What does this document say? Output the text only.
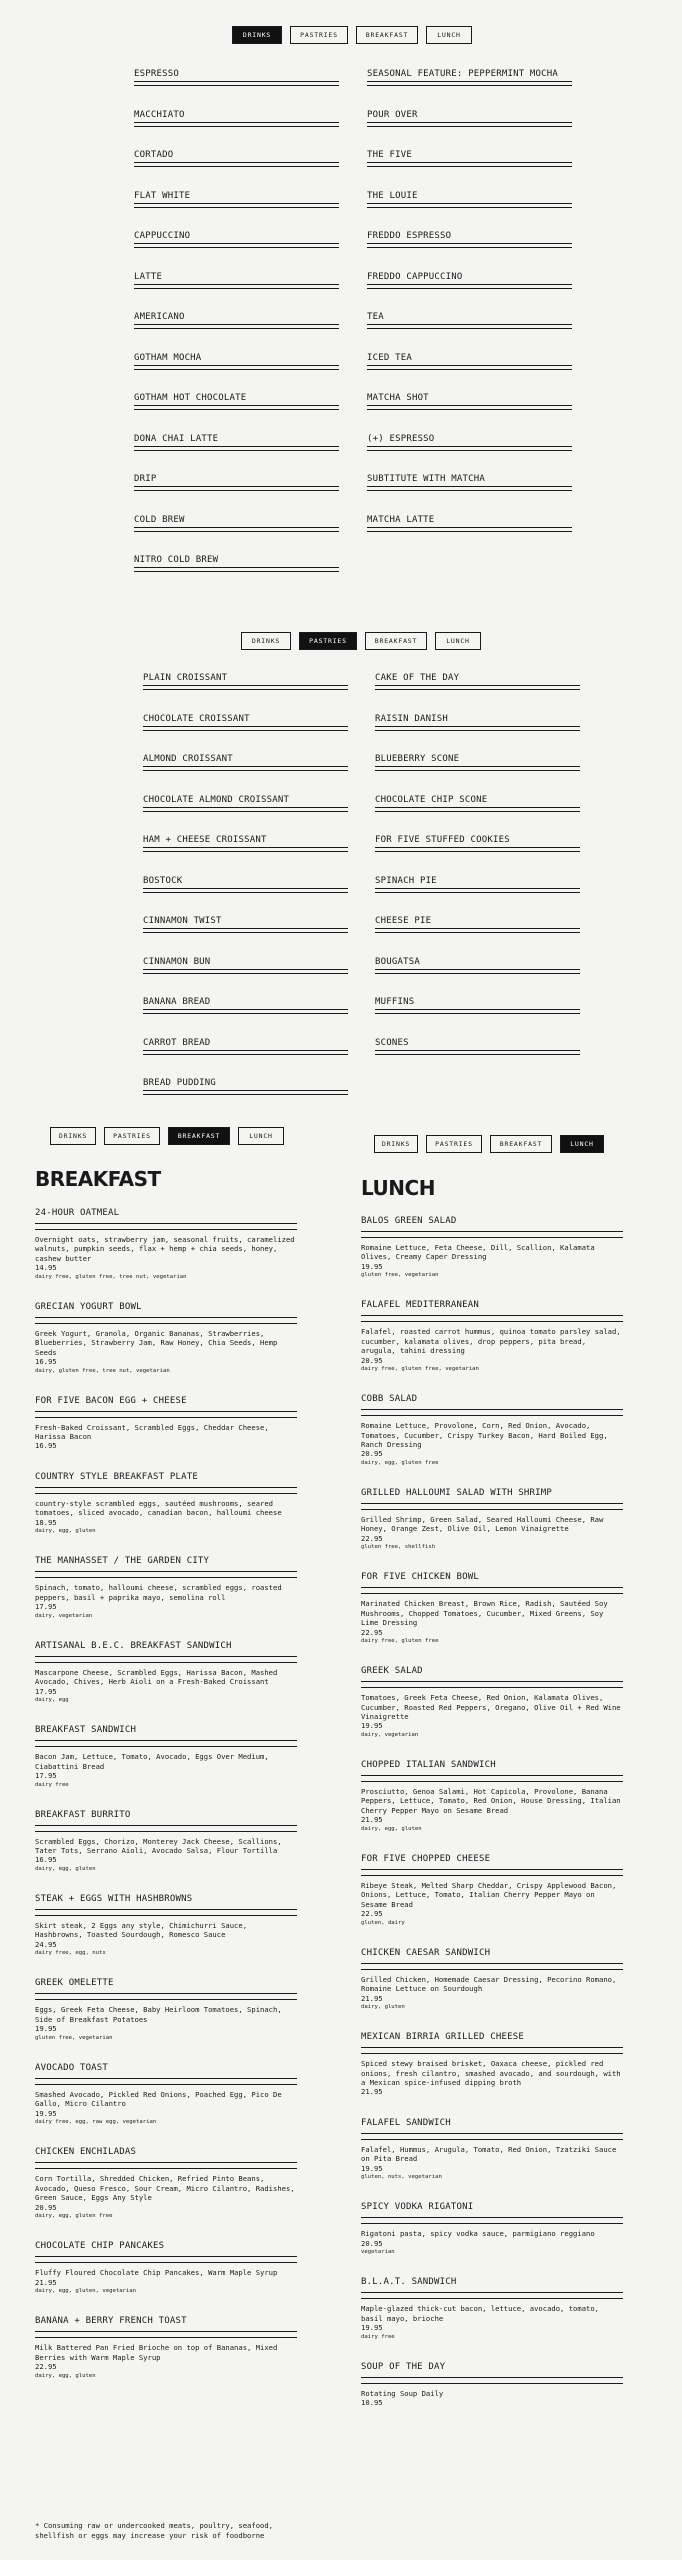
DRINKS	PASTRIES	BREAKFAST	LUNCH
ESPRESSO
MACCHIATO
CORTADO
FLAT WHITE
CAPPUCCINO
LATTE
AMERICANO
GOTHAM MOCHA
GOTHAM HOT CHOCOLATE
DONA CHAI LATTE
DRIP
COLD BREW
NITRO COLD BREW
SEASONAL FEATURE: PEPPERMINT MOCHA
POUR OVER
THE FIVE
THE LOUIE
FREDDO ESPRESSO
FREDDO CAPPUCCINO
TEA
ICED TEA
MATCHA SHOT
(+) ESPRESSO
SUBTITUTE WITH MATCHA
MATCHA LATTE
DRINKS	PASTRIES	BREAKFAST	LUNCH
PLAIN CROISSANT
CHOCOLATE CROISSANT
ALMOND CROISSANT
CHOCOLATE ALMOND CROISSANT
HAM + CHEESE CROISSANT
BOSTOCK
CINNAMON TWIST
CINNAMON BUN
BANANA BREAD
CARROT BREAD
BREAD PUDDING
CAKE OF THE DAY
RAISIN DANISH
BLUEBERRY SCONE
CHOCOLATE CHIP SCONE
FOR FIVE STUFFED COOKIES
SPINACH PIE
CHEESE PIE
BOUGATSA
MUFFINS
SCONES
DRINKS	PASTRIES	BREAKFAST	LUNCH
BREAKFAST
24-HOUR OATMEAL
Overnight oats, strawberry jam, seasonal fruits, caramelized walnuts, pumpkin seeds, flax + hemp + chia seeds, honey, cashew butter
14.95
dairy free, gluten free, tree nut, vegetarian
GRECIAN YOGURT BOWL
Greek Yogurt, Granola, Organic Bananas, Strawberries, Blueberries, Strawberry Jam, Raw Honey, Chia Seeds, Hemp Seeds
16.95
dairy, gluten free, tree nut, vegetarian
FOR FIVE BACON EGG + CHEESE
Fresh-Baked Croissant, Scrambled Eggs, Cheddar Cheese, Harissa Bacon
16.95
COUNTRY STYLE BREAKFAST PLATE
country-style scrambled eggs, sautéed mushrooms, seared tomatoes, sliced avocado, canadian bacon, halloumi cheese
18.95
dairy, egg, gluten
THE MANHASSET / THE GARDEN CITY
Spinach, tomato, halloumi cheese, scrambled eggs, roasted peppers, basil + paprika mayo, semolina roll
17.95
dairy, vegetarian
ARTISANAL B.E.C. BREAKFAST SANDWICH
Mascarpone Cheese, Scrambled Eggs, Harissa Bacon, Mashed Avocado, Chives, Herb Aioli on a Fresh-Baked Croissant
17.95
dairy, egg
BREAKFAST SANDWICH
Bacon Jam, Lettuce, Tomato, Avocado, Eggs Over Medium, Ciabattini Bread
17.95
dairy free
BREAKFAST BURRITO
Scrambled Eggs, Chorizo, Monterey Jack Cheese, Scallions, Tater Tots, Serrano Aioli, Avocado Salsa, Flour Tortilla
16.95
dairy, egg, gluten
STEAK + EGGS WITH HASHBROWNS
Skirt steak, 2 Eggs any style, Chimichurri Sauce, Hashbrowns, Toasted Sourdough, Romesco Sauce
24.95
dairy free, egg, nuts
GREEK OMELETTE
Eggs, Greek Feta Cheese, Baby Heirloom Tomatoes, Spinach, Side of Breakfast Potatoes
19.95
gluten free, vegetarian
AVOCADO TOAST
Smashed Avocado, Pickled Red Onions, Poached Egg, Pico De Gallo, Micro Cilantro
19.95
dairy free, egg, raw egg, vegetarian
CHICKEN ENCHILADAS
Corn Tortilla, Shredded Chicken, Refried Pinto Beans, Avocado, Queso Fresco, Sour Cream, Micro Cilantro, Radishes, Green Sauce, Eggs Any Style
20.95
dairy, egg, gluten free
CHOCOLATE CHIP PANCAKES
Fluffy Floured Chocolate Chip Pancakes, Warm Maple Syrup
21.95
dairy, egg, gluten, vegetarian
BANANA + BERRY FRENCH TOAST
Milk Battered Pan Fried Brioche on top of Bananas, Mixed Berries with Warm Maple Syrup
22.95
dairy, egg, gluten
* Consuming raw or undercooked meats, poultry, seafood, shellfish or eggs may increase your risk of foodborne
DRINKS	PASTRIES	BREAKFAST	LUNCH
LUNCH
BALOS GREEN SALAD
Romaine Lettuce, Feta Cheese, Dill, Scallion, Kalamata Olives, Creamy Caper Dressing
19.95
gluten free, vegetarian
FALAFEL MEDITERRANEAN
Falafel, roasted carrot hummus, quinoa tomato parsley salad, cucumber, kalamata olives, drop peppers, pita bread, arugula, tahini dressing
20.95
dairy free, gluten free, vegetarian
COBB SALAD
Romaine Lettuce, Provolone, Corn, Red Onion, Avocado, Tomatoes, Cucumber, Crispy Turkey Bacon, Hard Boiled Egg, Ranch Dressing
20.95
dairy, egg, gluten free
GRILLED HALLOUMI SALAD WITH SHRIMP
Grilled Shrimp, Green Salad, Seared Halloumi Cheese, Raw Honey, Orange Zest, Olive Oil, Lemon Vinaigrette
22.95
gluten free, shellfish
FOR FIVE CHICKEN BOWL
Marinated Chicken Breast, Brown Rice, Radish, Sautéed Soy Mushrooms, Chopped Tomatoes, Cucumber, Mixed Greens, Soy Lime Dressing
22.95
dairy free, gluten free
GREEK SALAD
Tomatoes, Greek Feta Cheese, Red Onion, Kalamata Olives, Cucumber, Roasted Red Peppers, Oregano, Olive Oil + Red Wine Vinaigrette
19.95
dairy, vegetarian
CHOPPED ITALIAN SANDWICH
Prosciutto, Genoa Salami, Hot Capicola, Provolone, Banana Peppers, Lettuce, Tomato, Red Onion, House Dressing, Italian Cherry Pepper Mayo on Sesame Bread
21.95
dairy, egg, gluten
FOR FIVE CHOPPED CHEESE
Ribeye Steak, Melted Sharp Cheddar, Crispy Applewood Bacon, Onions, Lettuce, Tomato, Italian Cherry Pepper Mayo on Sesame Bread
22.95
gluten, dairy
CHICKEN CAESAR SANDWICH
Grilled Chicken, Homemade Caesar Dressing, Pecorino Romano, Romaine Lettuce on Sourdough
21.95
dairy, gluten
MEXICAN BIRRIA GRILLED CHEESE
Spiced stewy braised brisket, Oaxaca cheese, pickled red onions, fresh cilantro, smashed avocado, and sourdough, with a Mexican spice-infused dipping broth
21.95
FALAFEL SANDWICH
Falafel, Hummus, Arugula, Tomato, Red Onion, Tzatziki Sauce on Pita Bread
19.95
gluten, nuts, vegetarian
SPICY VODKA RIGATONI
Rigatoni pasta, spicy vodka sauce, parmigiano reggiano
20.95
vegetarian
B.L.A.T. SANDWICH
Maple-glazed thick-cut bacon, lettuce, avocado, tomato, basil mayo, brioche
19.95
dairy free
SOUP OF THE DAY
Rotating Soup Daily
10.95
